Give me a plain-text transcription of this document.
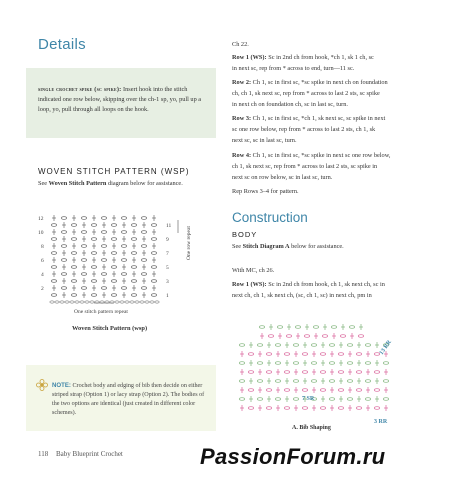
Details
single crochet spike (sc spike): Insert hook into the stitch indicated one row below, skipping over the ch-1 sp, yo, pull up a loop, yo, pull through all loops on the hook.
WOVEN STITCH PATTERN (WSP)
See Woven Stitch Pattern diagram below for assistance.
12
10
8
6
4
2
11
9
7
5
3
1
One row repeat
One stitch pattern repeat
Woven Stitch Pattern (wsp)
NOTE: Crochet body and edging of bib then decide on either striped strap (Option 1) or lacy strap (Option 2). The bodies of the two options are identical (just created in different color schemes).
118 Baby Blueprint Crochet
Ch 22.
Row 1 (WS): Sc in 2nd ch from hook, *ch 1, sk 1 ch, sc
in next sc, rep from * across to end, turn—11 sc.
Row 2: Ch 1, sc in first sc, *sc spike in next ch on foundation
ch, ch 1, sk next sc, rep from * across to last 2 sts, sc spike
in next ch on foundation ch, sc in last sc, turn.
Row 3: Ch 1, sc in first sc, *ch 1, sk next sc, sc spike in next
sc one row below, rep from * across to last 2 sts, ch 1, sk
next sc, sc in last sc, turn.
Row 4: Ch 1, sc in first sc, *sc spike in next sc one row below,
ch 1, sk next sc, rep from * across to last 2 sts, sc spike in
next sc on row below, sc in last sc, turn.
Rep Rows 3–4 for pattern.
Construction
BODY
See Stitch Diagram A below for assistance.
With MC, ch 26.
Row 1 (WS): Sc in 2nd ch from hook, ch 1, sk next ch, sc in
next ch, ch 1, sk next ch, (sc, ch 1, sc) in next ch, pm in
13 RR
7 SR
3 RR
A. Bib Shaping
PassionForum.ru
